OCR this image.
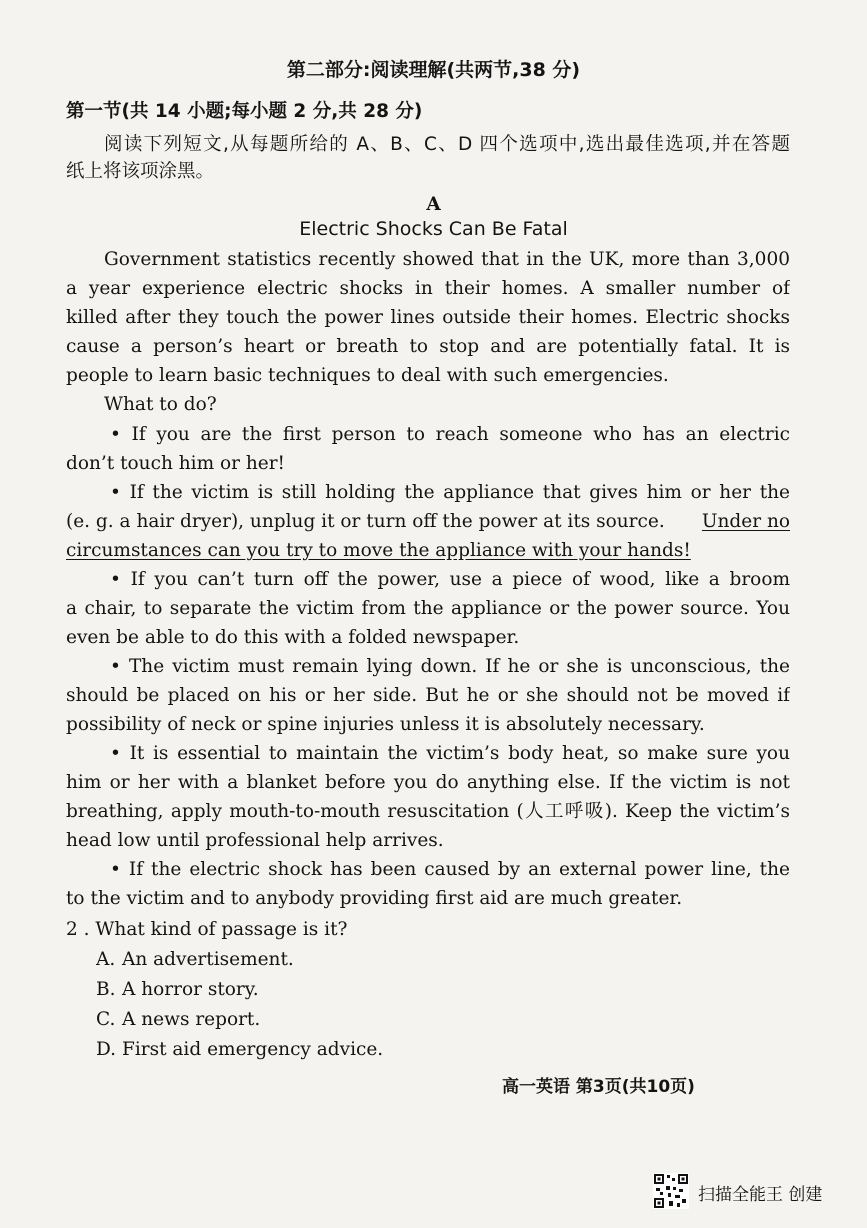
第二部分:阅读理解(共两节,38 分)
第一节(共 14 小题;每小题 2 分,共 28 分)
阅读下列短文,从每题所给的 A、B、C、D 四个选项中,选出最佳选项,并在答题
纸上将该项涂黑。
A
Electric Shocks Can Be Fatal
Government statistics recently showed that in the UK, more than 3,000
a year experience electric shocks in their homes. A smaller number of
killed after they touch the power lines outside their homes. Electric shocks
cause a person’s heart or breath to stop and are potentially fatal. It is
people to learn basic techniques to deal with such emergencies.
What to do?
• If you are the first person to reach someone who has an electric
don’t touch him or her!
• If the victim is still holding the appliance that gives him or her the
(e. g. a hair dryer), unplug it or turn off the power at its source. Under no
circumstances can you try to move the appliance with your hands!
• If you can’t turn off the power, use a piece of wood, like a broom
a chair, to separate the victim from the appliance or the power source. You
even be able to do this with a folded newspaper.
• The victim must remain lying down. If he or she is unconscious, the
should be placed on his or her side. But he or she should not be moved if
possibility of neck or spine injuries unless it is absolutely necessary.
• It is essential to maintain the victim’s body heat, so make sure you
him or her with a blanket before you do anything else. If the victim is not
breathing, apply mouth-to-mouth resuscitation (人工呼吸). Keep the victim’s
head low until professional help arrives.
• If the electric shock has been caused by an external power line, the
to the victim and to anybody providing first aid are much greater.
2 . What kind of passage is it?
A. An advertisement.
B. A horror story.
C. A news report.
D. First aid emergency advice.
高一英语 第3页(共10页)
扫描全能王 创建
